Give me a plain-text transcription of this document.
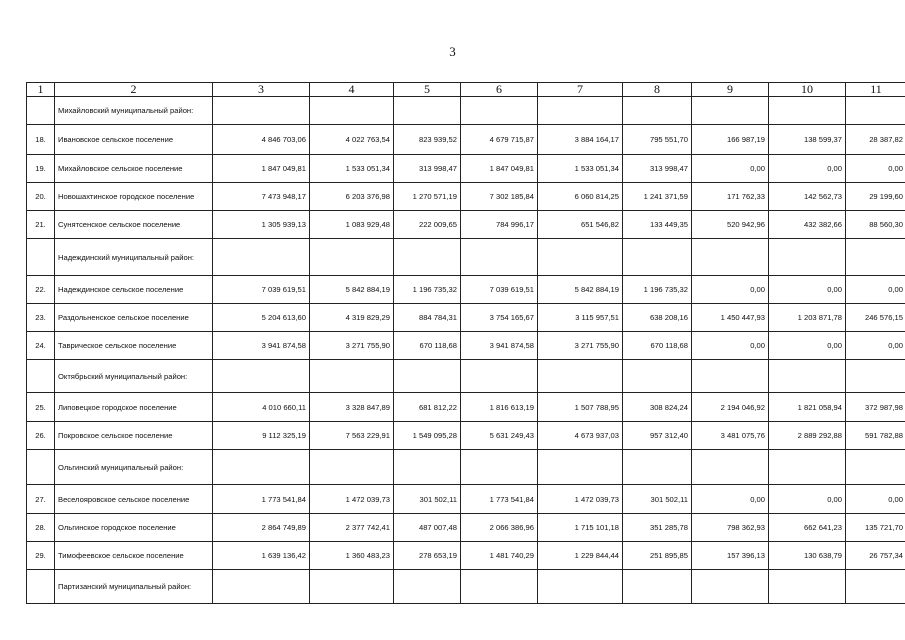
3
1	2	3	4	5	6	7	8	9	10	11
	Михайловский муниципальный район:									
18.	Ивановское сельское поселение	4 846 703,06	4 022 763,54	823 939,52	4 679 715,87	3 884 164,17	795 551,70	166 987,19	138 599,37	28 387,82
19.	Михайловское сельское поселение	1 847 049,81	1 533 051,34	313 998,47	1 847 049,81	1 533 051,34	313 998,47	0,00	0,00	0,00
20.	Новошахтинское городское поселение	7 473 948,17	6 203 376,98	1 270 571,19	7 302 185,84	6 060 814,25	1 241 371,59	171 762,33	142 562,73	29 199,60
21.	Сунятсенское сельское поселение	1 305 939,13	1 083 929,48	222 009,65	784 996,17	651 546,82	133 449,35	520 942,96	432 382,66	88 560,30
	Надеждинский муниципальный район:									
22.	Надеждинское сельское поселение	7 039 619,51	5 842 884,19	1 196 735,32	7 039 619,51	5 842 884,19	1 196 735,32	0,00	0,00	0,00
23.	Раздольненское сельское поселение	5 204 613,60	4 319 829,29	884 784,31	3 754 165,67	3 115 957,51	638 208,16	1 450 447,93	1 203 871,78	246 576,15
24.	Таврическое сельское поселение	3 941 874,58	3 271 755,90	670 118,68	3 941 874,58	3 271 755,90	670 118,68	0,00	0,00	0,00
	Октябрьский муниципальный район:									
25.	Липовецкое городское поселение	4 010 660,11	3 328 847,89	681 812,22	1 816 613,19	1 507 788,95	308 824,24	2 194 046,92	1 821 058,94	372 987,98
26.	Покровское сельское поселение	9 112 325,19	7 563 229,91	1 549 095,28	5 631 249,43	4 673 937,03	957 312,40	3 481 075,76	2 889 292,88	591 782,88
	Ольгинский муниципальный район:									
27.	Веселояровское сельское поселение	1 773 541,84	1 472 039,73	301 502,11	1 773 541,84	1 472 039,73	301 502,11	0,00	0,00	0,00
28.	Ольгинское городское поселение	2 864 749,89	2 377 742,41	487 007,48	2 066 386,96	1 715 101,18	351 285,78	798 362,93	662 641,23	135 721,70
29.	Тимофеевское сельское поселение	1 639 136,42	1 360 483,23	278 653,19	1 481 740,29	1 229 844,44	251 895,85	157 396,13	130 638,79	26 757,34
	Партизанский муниципальный район:									
